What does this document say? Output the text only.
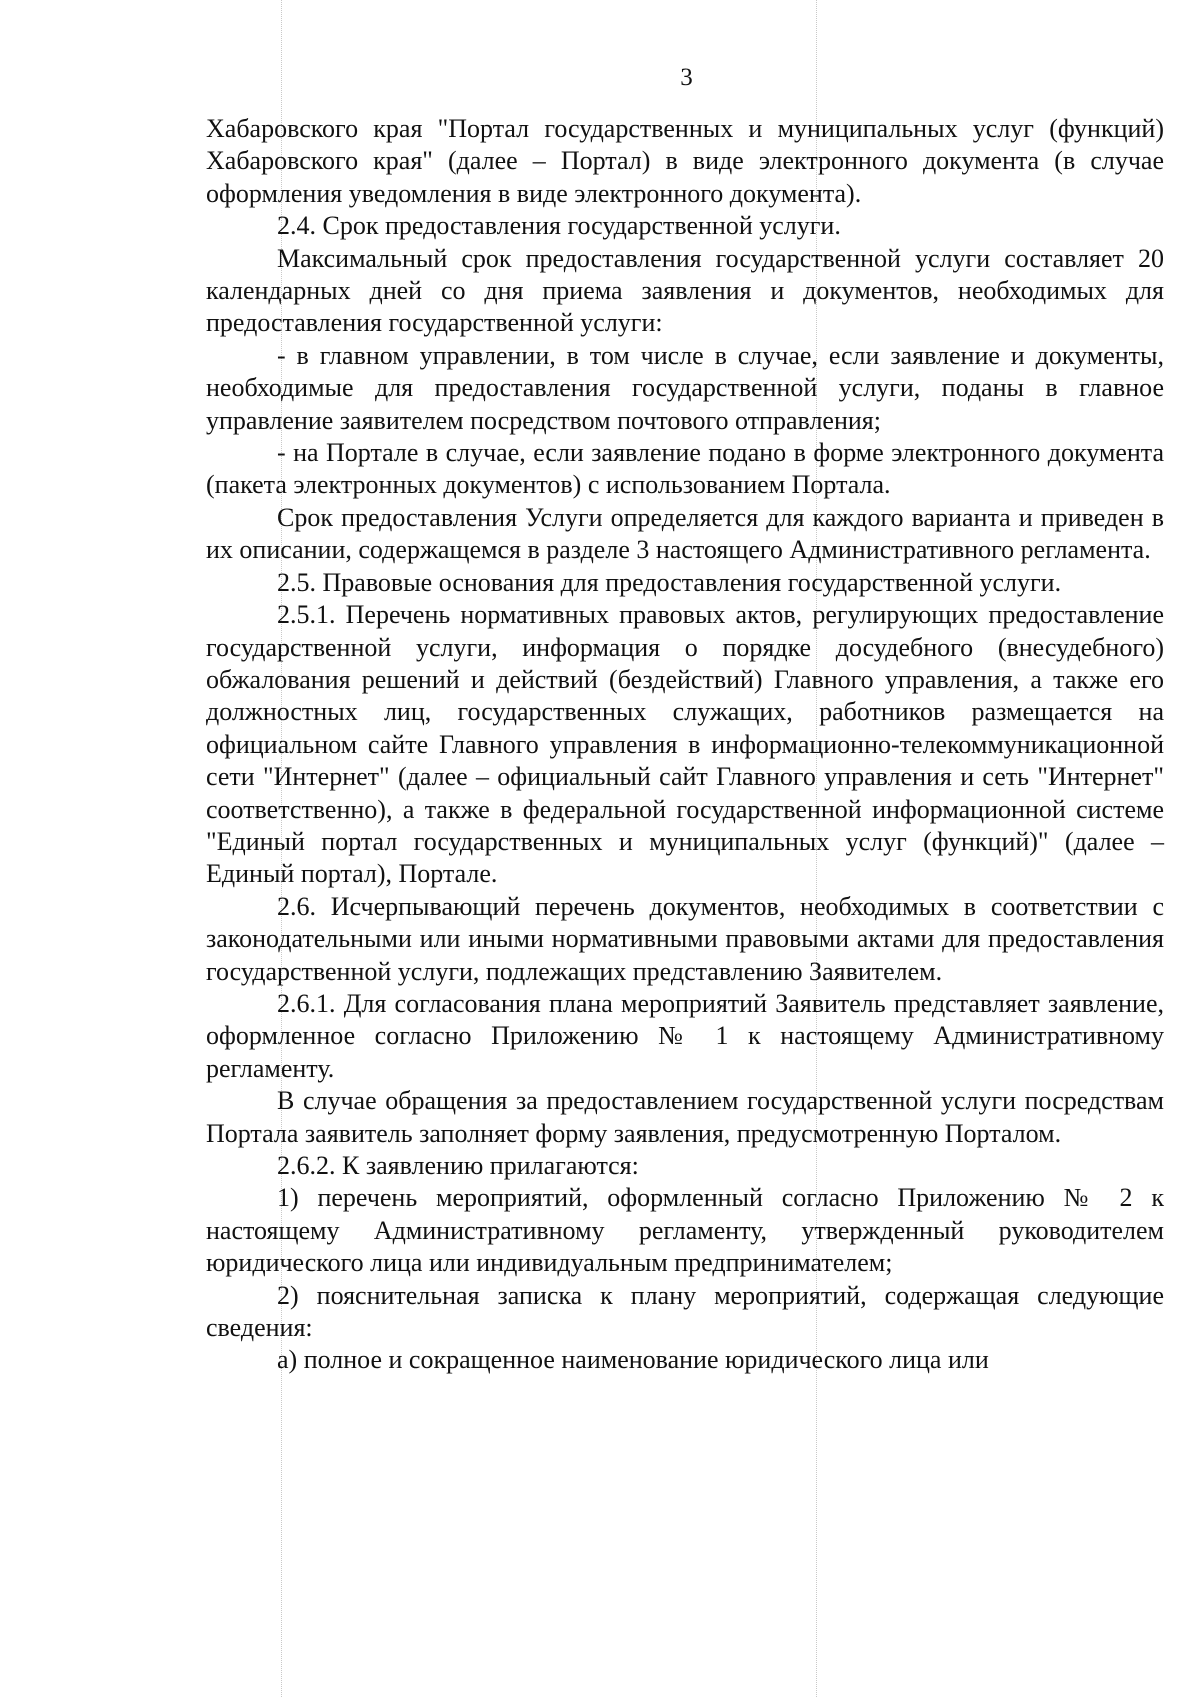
3

Хабаровского края "Портал государственных и муниципальных услуг (функций) Хабаровского края" (далее – Портал) в виде электронного документа (в случае оформления уведомления в виде электронного документа).

2.4. Срок предоставления государственной услуги.

Максимальный срок предоставления государственной услуги составляет 20 календарных дней со дня приема заявления и документов, необходимых для предоставления государственной услуги:

- в главном управлении, в том числе в случае, если заявление и документы, необходимые для предоставления государственной услуги, поданы в главное управление заявителем посредством почтового отправления;

- на Портале в случае, если заявление подано в форме электронного документа (пакета электронных документов) с использованием Портала.

Срок предоставления Услуги определяется для каждого варианта и приведен в их описании, содержащемся в разделе 3 настоящего Административного регламента.

2.5. Правовые основания для предоставления государственной услуги.

2.5.1. Перечень нормативных правовых актов, регулирующих предоставление государственной услуги, информация о порядке досудебного (внесудебного) обжалования решений и действий (бездействий) Главного управления, а также его должностных лиц, государственных служащих, работников размещается на официальном сайте Главного управления в информационно-телекоммуникационной сети "Интернет" (далее – официальный сайт Главного управления и сеть "Интернет" соответственно), а также в федеральной государственной информационной системе "Единый портал государственных и муниципальных услуг (функций)" (далее – Единый портал), Портале.

2.6. Исчерпывающий перечень документов, необходимых в соответствии с законодательными или иными нормативными правовыми актами для предоставления государственной услуги, подлежащих представлению Заявителем.

2.6.1. Для согласования плана мероприятий Заявитель представляет заявление, оформленное согласно Приложению № 1 к настоящему Административному регламенту.

В случае обращения за предоставлением государственной услуги посредствам Портала заявитель заполняет форму заявления, предусмотренную Порталом.

2.6.2. К заявлению прилагаются:

1) перечень мероприятий, оформленный согласно Приложению № 2 к настоящему Административному регламенту, утвержденный руководителем юридического лица или индивидуальным предпринимателем;

2) пояснительная записка к плану мероприятий, содержащая следующие сведения:

а) полное и сокращенное наименование юридического лица или
